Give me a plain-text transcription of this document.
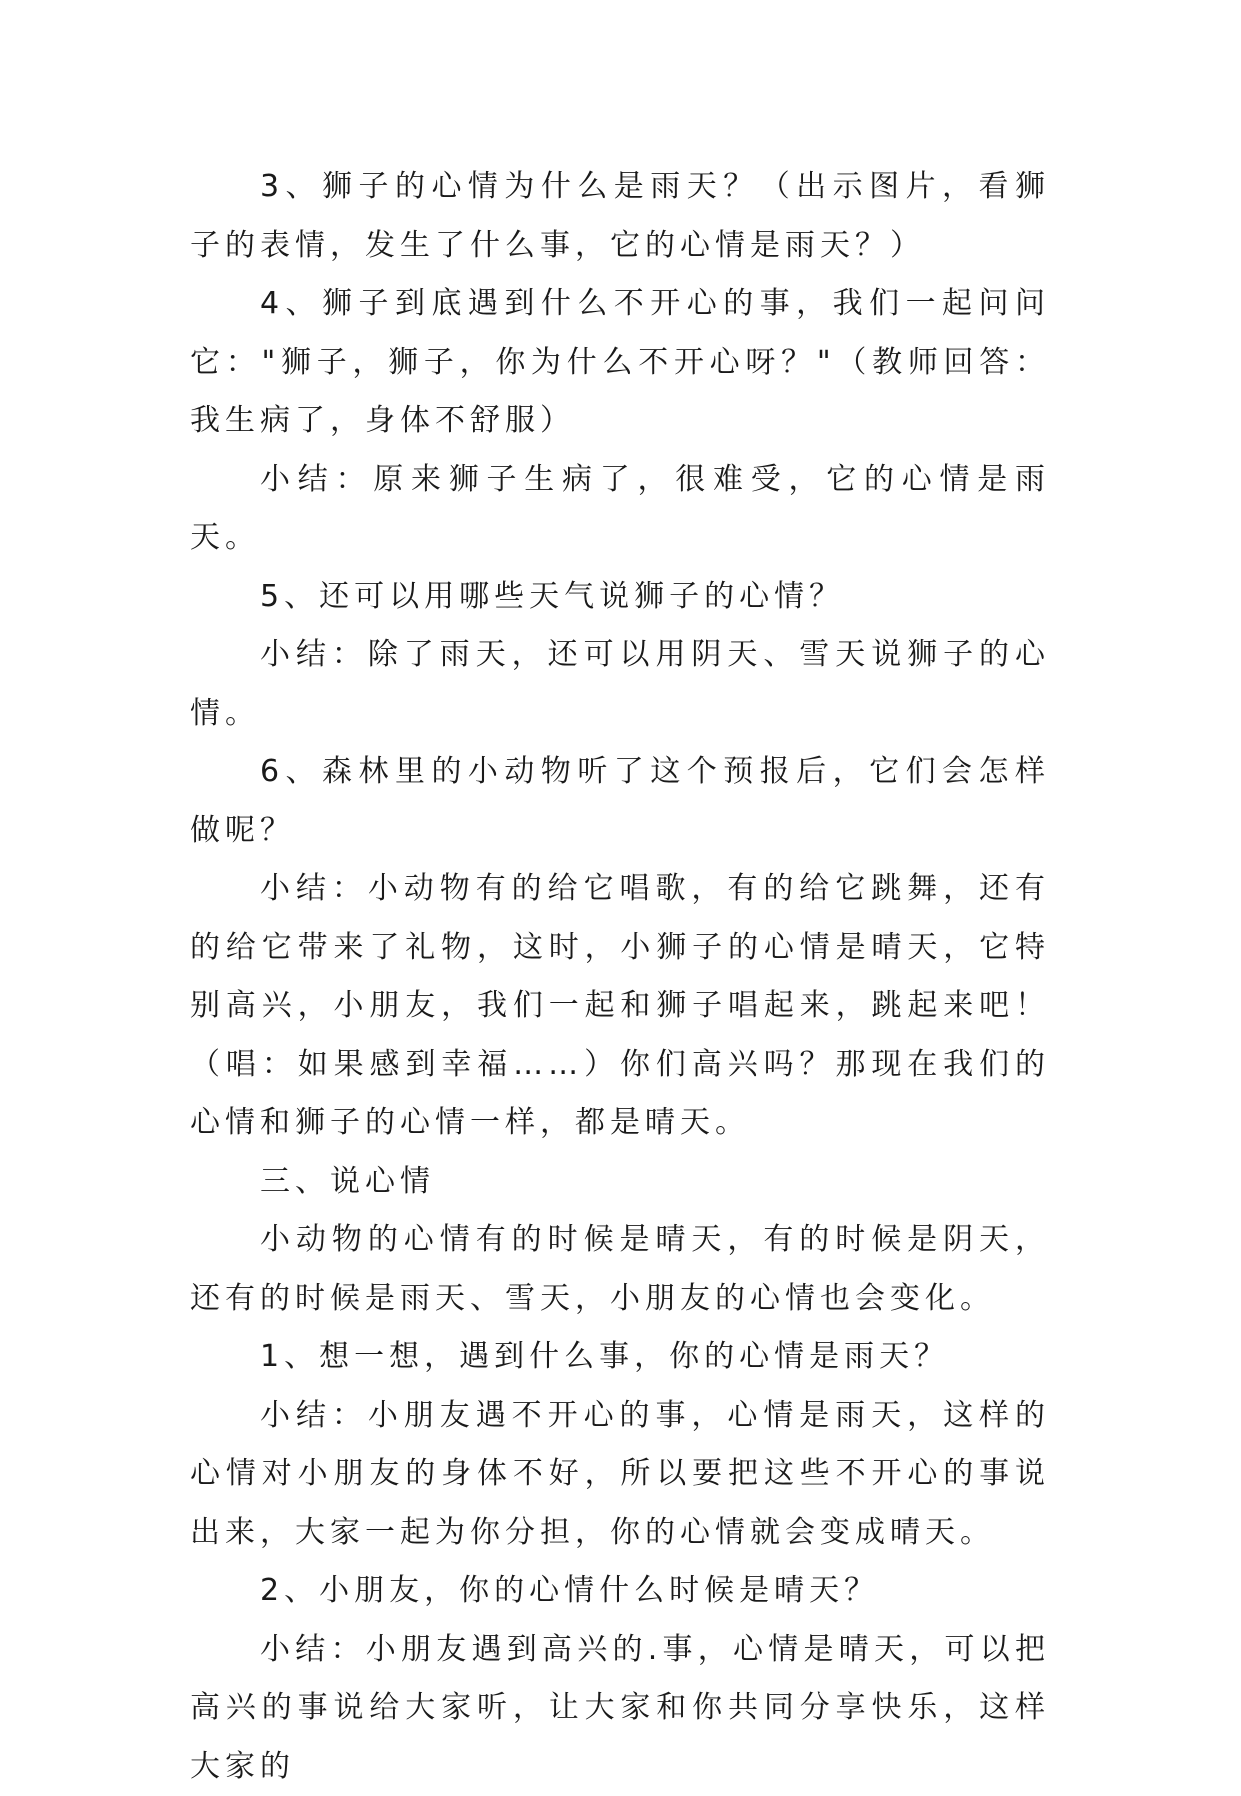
3、狮子的心情为什么是雨天？（出示图片，看狮子的表情，发生了什么事，它的心情是雨天？）

4、狮子到底遇到什么不开心的事，我们一起问问它："狮子，狮子，你为什么不开心呀？"（教师回答：我生病了，身体不舒服）

小结：原来狮子生病了，很难受，它的心情是雨天。

5、还可以用哪些天气说狮子的心情？

小结：除了雨天，还可以用阴天、雪天说狮子的心情。

6、森林里的小动物听了这个预报后，它们会怎样做呢？

小结：小动物有的给它唱歌，有的给它跳舞，还有的给它带来了礼物，这时，小狮子的心情是晴天，它特别高兴，小朋友，我们一起和狮子唱起来，跳起来吧！（唱：如果感到幸福……）你们高兴吗？那现在我们的心情和狮子的心情一样，都是晴天。

三、说心情

小动物的心情有的时候是晴天，有的时候是阴天，还有的时候是雨天、雪天，小朋友的心情也会变化。

1、想一想，遇到什么事，你的心情是雨天？

小结：小朋友遇不开心的事，心情是雨天，这样的心情对小朋友的身体不好，所以要把这些不开心的事说出来，大家一起为你分担，你的心情就会变成晴天。

2、小朋友，你的心情什么时候是晴天？

小结：小朋友遇到高兴的.事，心情是晴天，可以把高兴的事说给大家听，让大家和你共同分享快乐，这样大家的
